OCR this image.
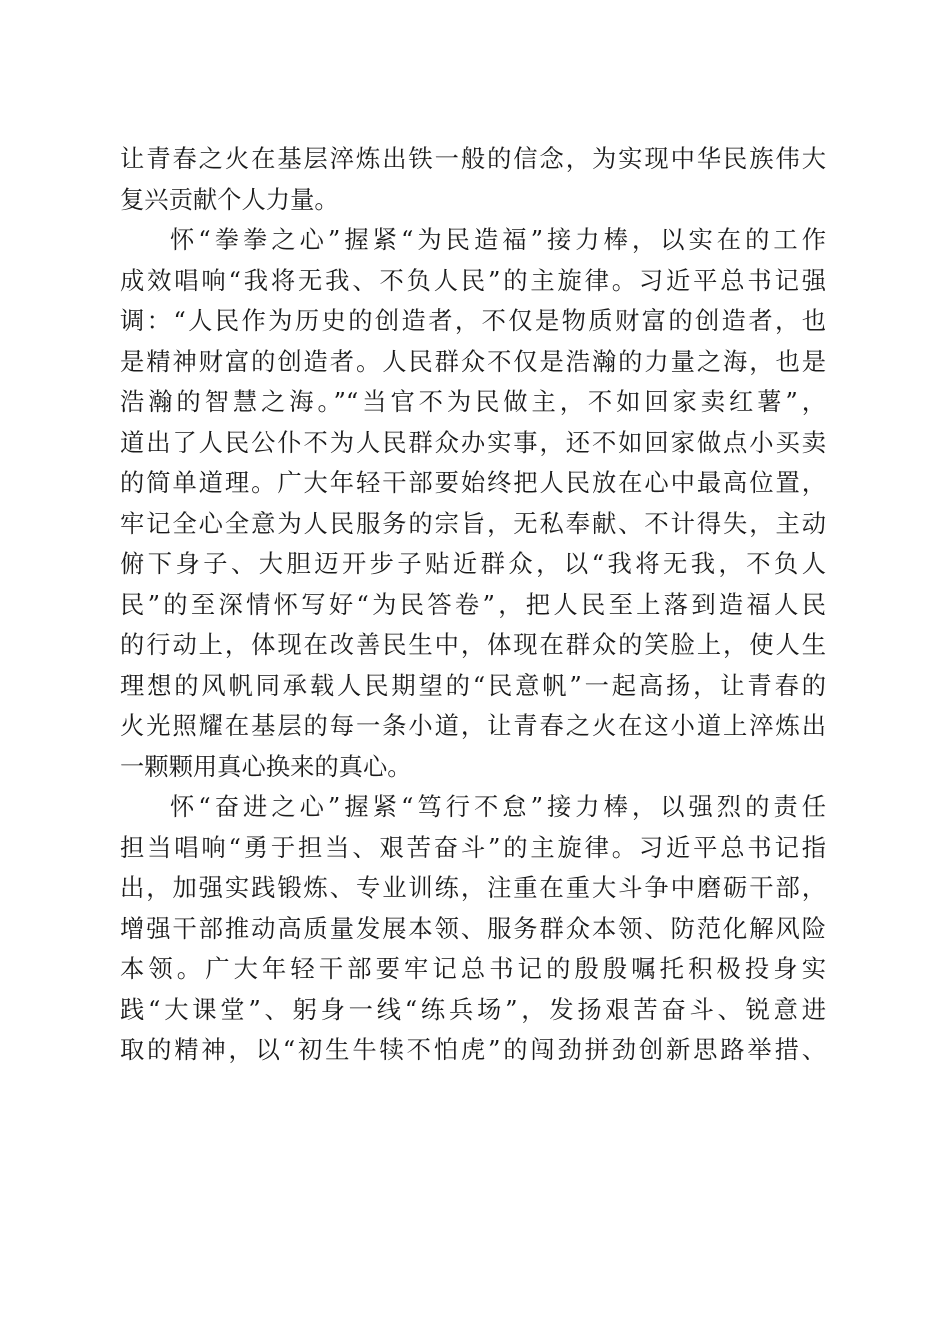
让青春之火在基层淬炼出铁一般的信念，为实现中华民族伟大
复兴贡献个人力量。
怀“拳拳之心”握紧“为民造福”接力棒，以实在的工作
成效唱响“我将无我、不负人民”的主旋律。习近平总书记强
调：“人民作为历史的创造者，不仅是物质财富的创造者，也
是精神财富的创造者。人民群众不仅是浩瀚的力量之海，也是
浩瀚的智慧之海。”“当官不为民做主，不如回家卖红薯”，
道出了人民公仆不为人民群众办实事，还不如回家做点小买卖
的简单道理。广大年轻干部要始终把人民放在心中最高位置，
牢记全心全意为人民服务的宗旨，无私奉献、不计得失，主动
俯下身子、大胆迈开步子贴近群众，以“我将无我，不负人
民”的至深情怀写好“为民答卷”，把人民至上落到造福人民
的行动上，体现在改善民生中，体现在群众的笑脸上，使人生
理想的风帆同承载人民期望的“民意帆”一起高扬，让青春的
火光照耀在基层的每一条小道，让青春之火在这小道上淬炼出
一颗颗用真心换来的真心。
怀“奋进之心”握紧“笃行不怠”接力棒，以强烈的责任
担当唱响“勇于担当、艰苦奋斗”的主旋律。习近平总书记指
出，加强实践锻炼、专业训练，注重在重大斗争中磨砺干部，
增强干部推动高质量发展本领、服务群众本领、防范化解风险
本领。广大年轻干部要牢记总书记的殷殷嘱托积极投身实
践“大课堂”、躬身一线“练兵场”，发扬艰苦奋斗、锐意进
取的精神，以“初生牛犊不怕虎”的闯劲拼劲创新思路举措、
